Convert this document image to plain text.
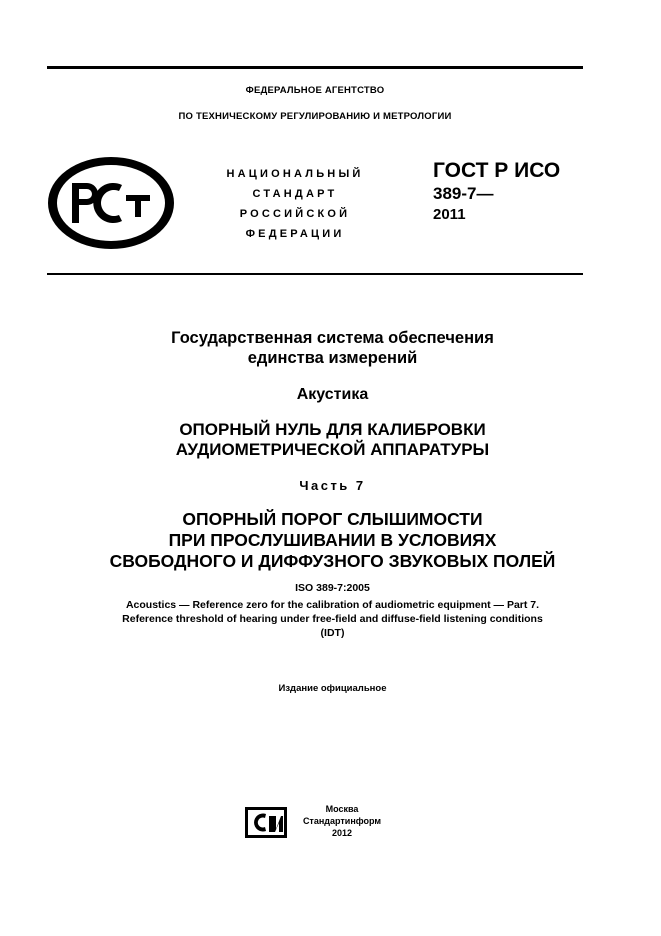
ФЕДЕРАЛЬНОЕ АГЕНТСТВО
ПО ТЕХНИЧЕСКОМУ РЕГУЛИРОВАНИЮ И МЕТРОЛОГИИ
НАЦИОНАЛЬНЫЙ
СТАНДАРТ
РОССИЙСКОЙ
ФЕДЕРАЦИИ
ГОСТ Р ИСО
389-7—
2011
Государственная система обеспечения
единства измерений
Акустика
ОПОРНЫЙ НУЛЬ ДЛЯ КАЛИБРОВКИ
АУДИОМЕТРИЧЕСКОЙ АППАРАТУРЫ
Часть 7
ОПОРНЫЙ ПОРОГ СЛЫШИМОСТИ
ПРИ ПРОСЛУШИВАНИИ В УСЛОВИЯХ
СВОБОДНОГО И ДИФФУЗНОГО ЗВУКОВЫХ ПОЛЕЙ
ISO 389-7:2005
Acoustics — Reference zero for the calibration of audiometric equipment — Part 7.
Reference threshold of hearing under free-field and diffuse-field listening conditions
(IDT)
Издание официальное
Москва
Стандартинформ
2012
